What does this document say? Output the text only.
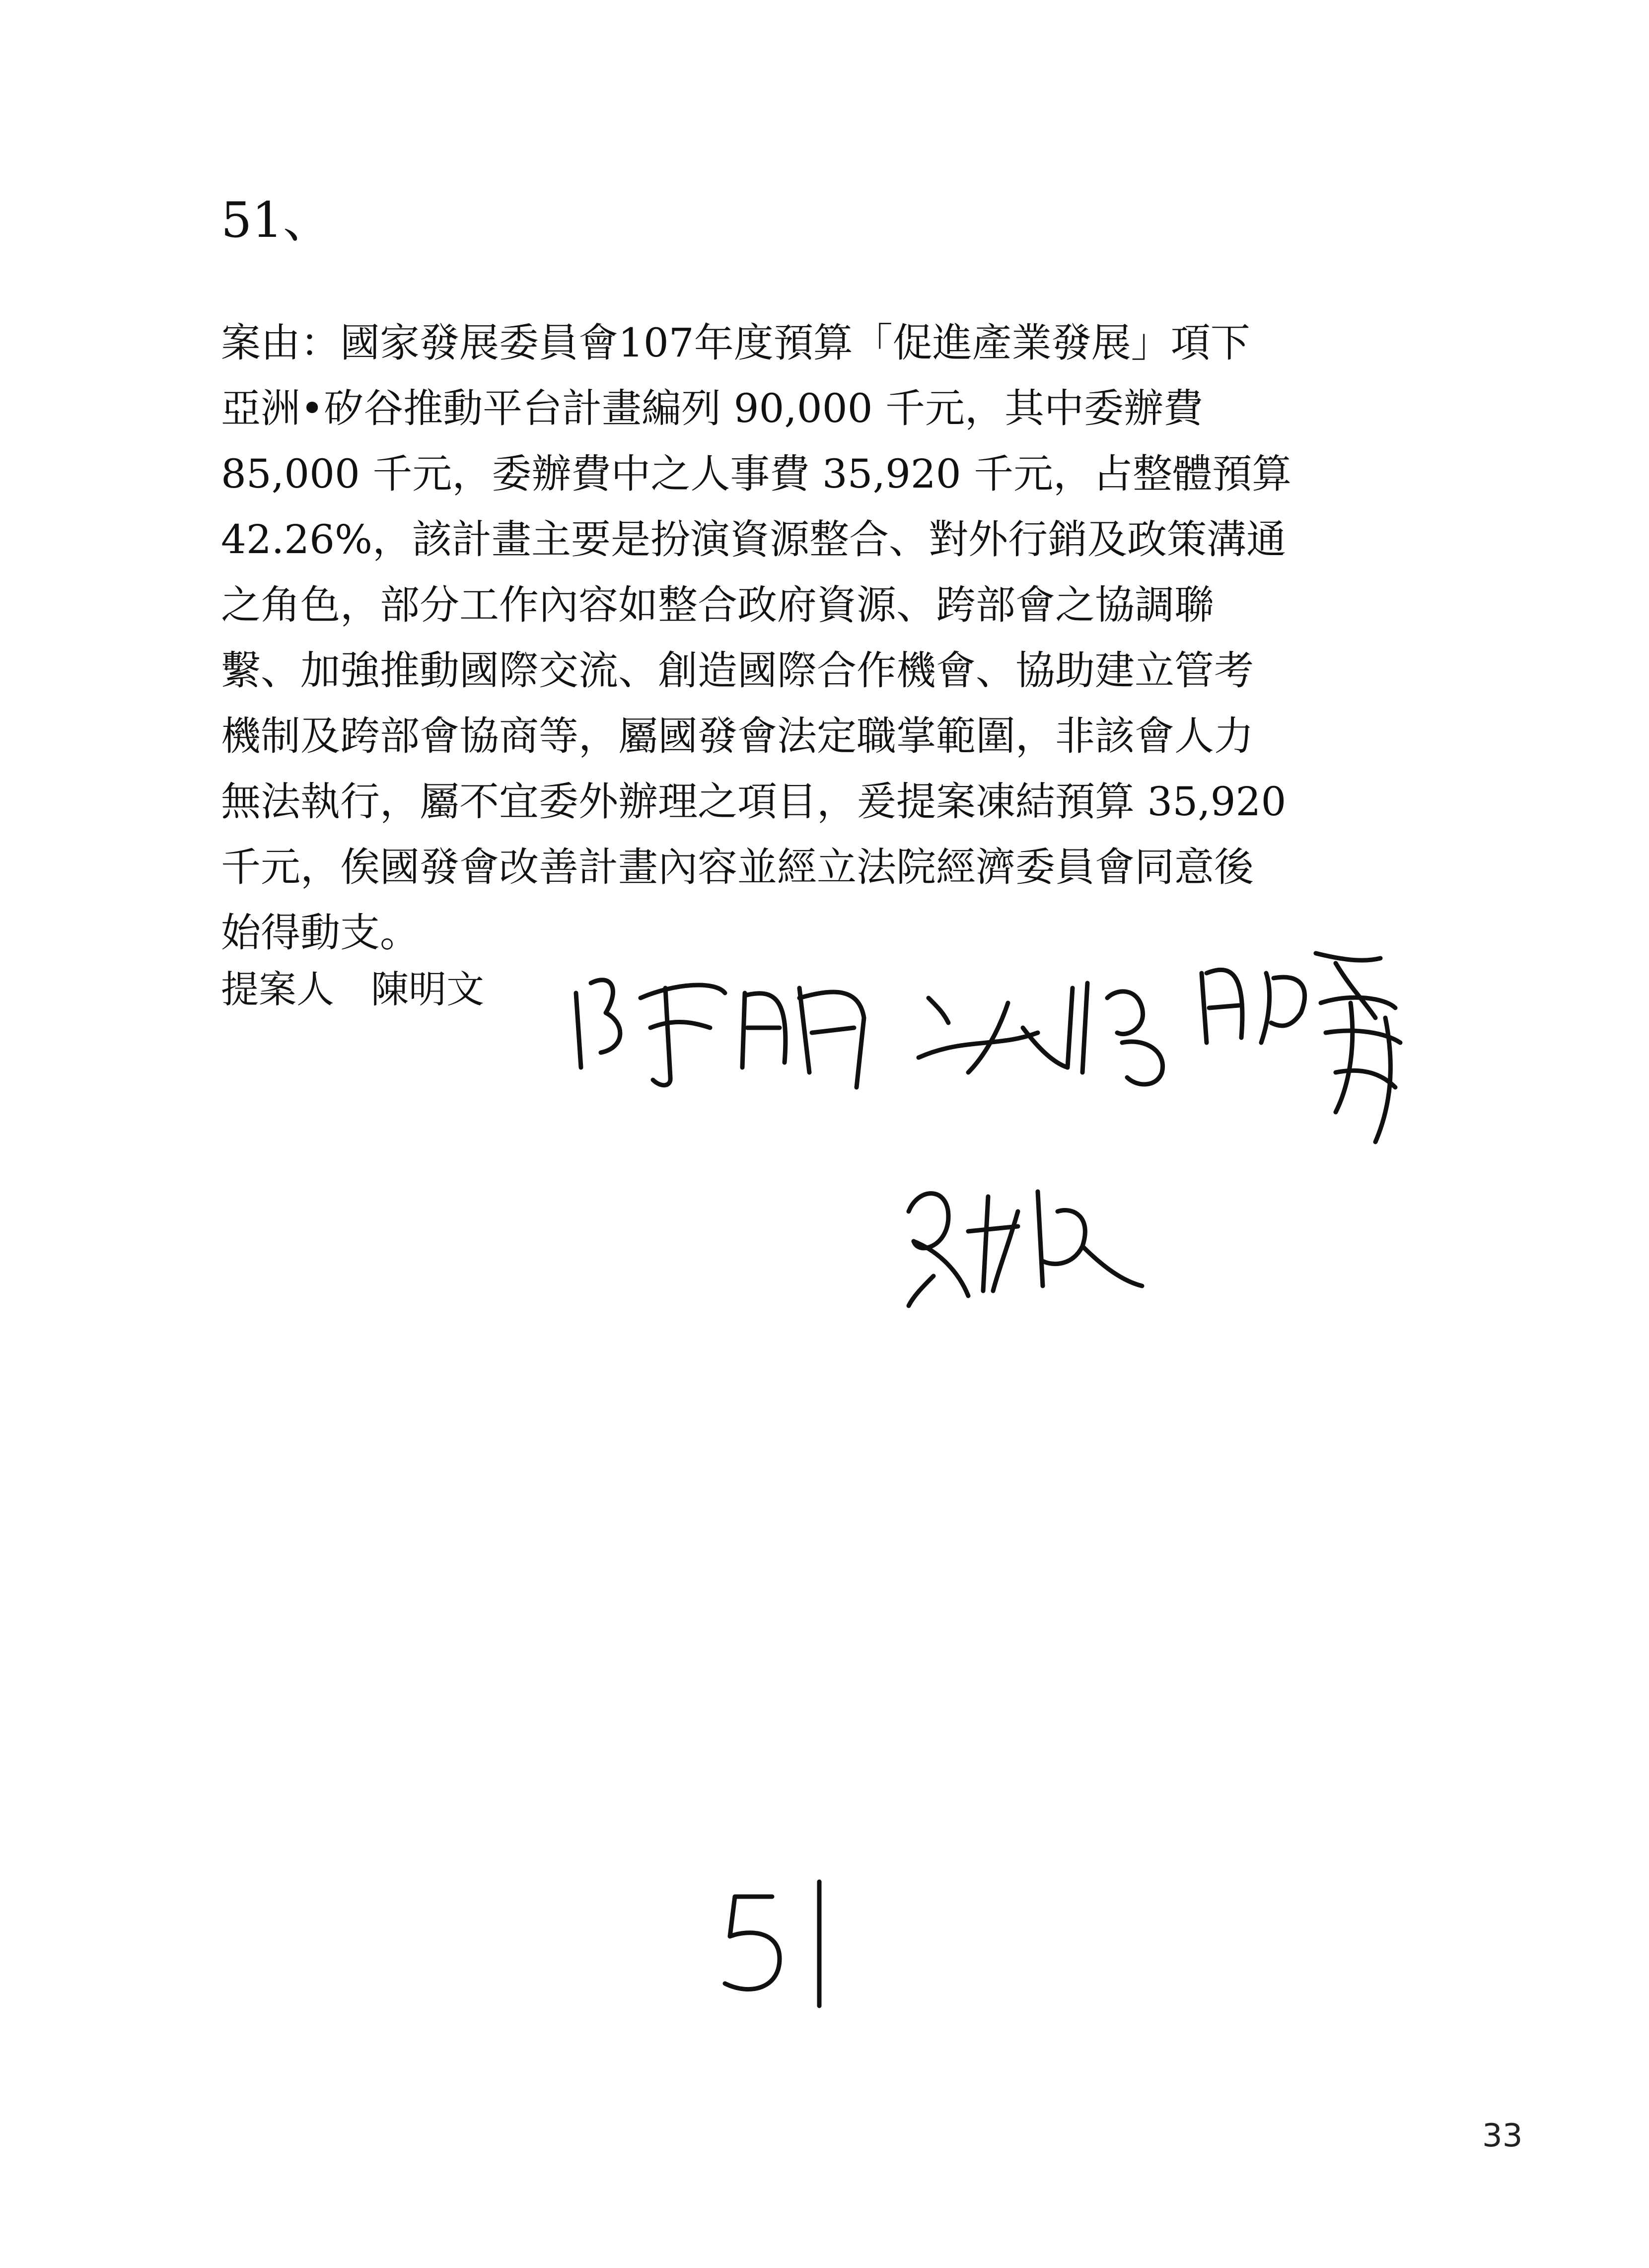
51、
案由：國家發展委員會107年度預算「促進產業發展」項下
亞洲•矽谷推動平台計畫編列 90,000 千元，其中委辦費
85,000 千元，委辦費中之人事費 35,920 千元，占整體預算
42.26%，該計畫主要是扮演資源整合、對外行銷及政策溝通
之角色，部分工作內容如整合政府資源、跨部會之協調聯
繫、加強推動國際交流、創造國際合作機會、協助建立管考
機制及跨部會協商等，屬國發會法定職掌範圍，非該會人力
無法執行，屬不宜委外辦理之項目，爰提案凍結預算 35,920
千元，俟國發會改善計畫內容並經立法院經濟委員會同意後
始得動支。
提案人 陳明文
33
